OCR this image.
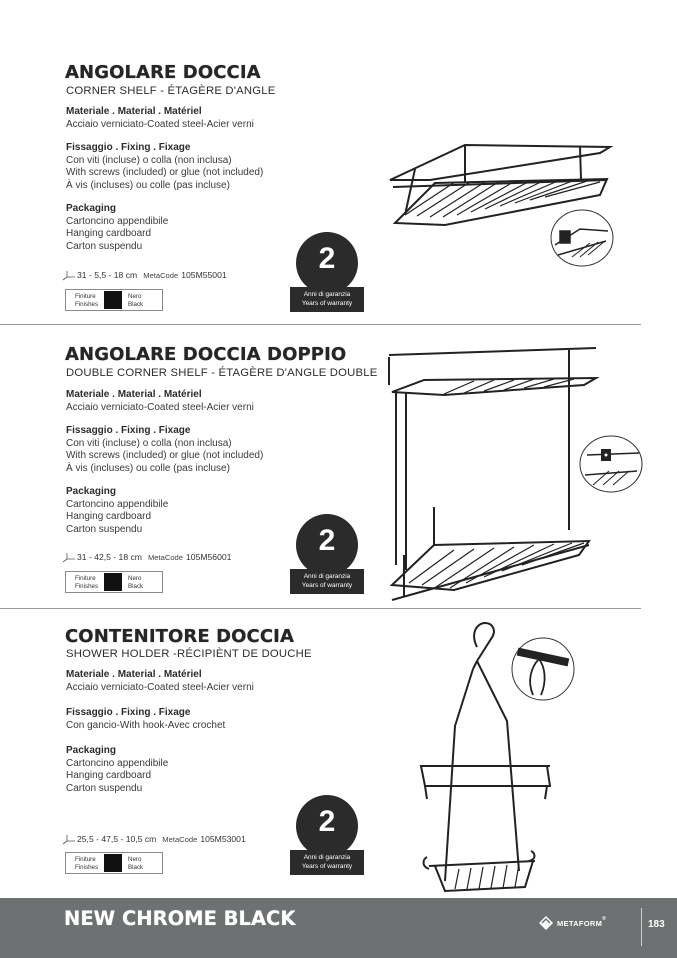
ANGOLARE DOCCIA
CORNER SHELF - ÉTAGÈRE D'ANGLE
Materiale . Material . Matériel
Acciaio verniciato-Coated steel-Acier verni
Fissaggio . Fixing . Fixage
Con viti (incluse) o colla (non inclusa)
With screws (included) or glue (not included)
À vis (incluses) ou colle (pas incluse)
Packaging
Cartoncino appendibile
Hanging cardboard
Carton suspendu
31 - 5,5 - 18 cm MetaCode 105M55001
Finiture
Finishes
Nero
Black
2
Anni di garanzia
Years of warranty
ANGOLARE DOCCIA DOPPIO
DOUBLE CORNER SHELF - ÉTAGÈRE D'ANGLE DOUBLE
Materiale . Material . Matériel
Acciaio verniciato-Coated steel-Acier verni
Fissaggio . Fixing . Fixage
Con viti (incluse) o colla (non inclusa)
With screws (included) or glue (not included)
À vis (incluses) ou colle (pas incluse)
Packaging
Cartoncino appendibile
Hanging cardboard
Carton suspendu
31 - 42,5 - 18 cm MetaCode 105M56001
Finiture
Finishes
Nero
Black
2
Anni di garanzia
Years of warranty
CONTENITORE DOCCIA
SHOWER HOLDER -RÉCIPIÈNT DE DOUCHE
Materiale . Material . Matériel
Acciaio verniciato-Coated steel-Acier verni
Fissaggio . Fixing . Fixage
Con gancio-With hook-Avec crochet
Packaging
Cartoncino appendibile
Hanging cardboard
Carton suspendu
25,5 - 47,5 - 10,5 cm MetaCode 105M53001
Finiture
Finishes
Nero
Black
2
Anni di garanzia
Years of warranty
NEW CHROME BLACK	METAFORM ®	183
